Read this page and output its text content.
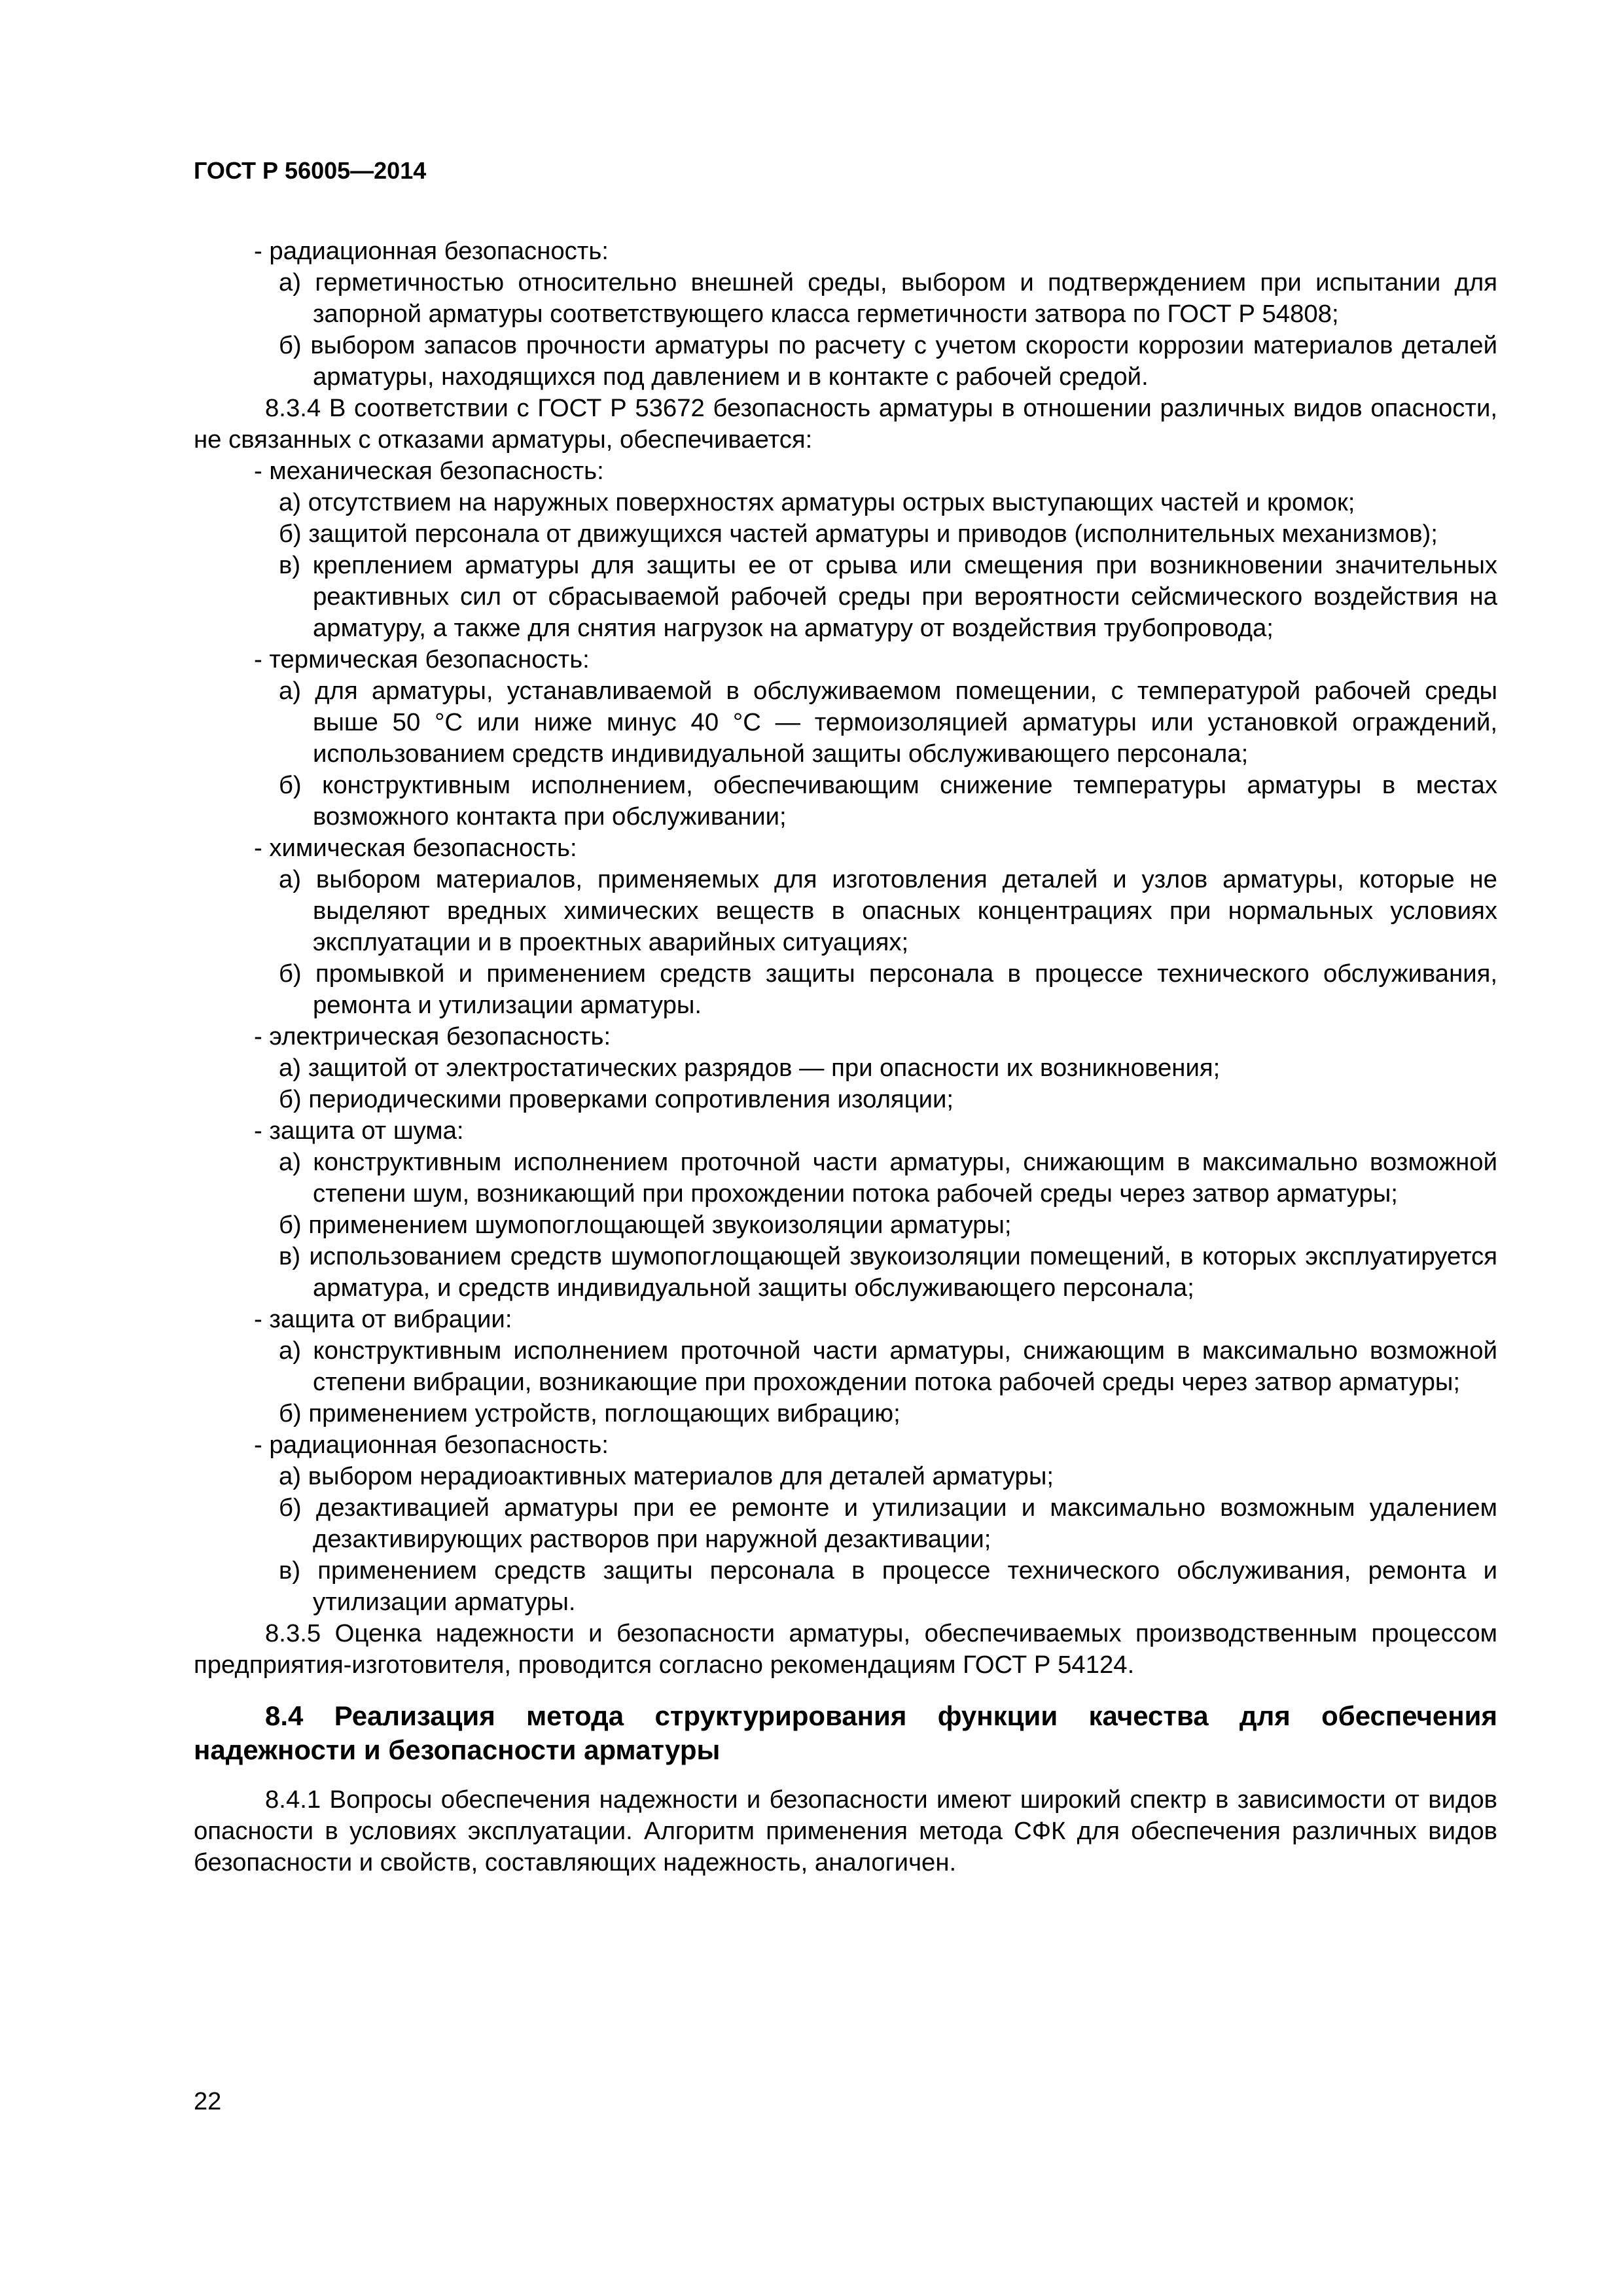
ГОСТ Р 56005—2014

- радиационная безопасность:

а) герметичностью относительно внешней среды, выбором и подтверждением при испытании для запорной арматуры соответствующего класса герметичности затвора по ГОСТ Р 54808;

б) выбором запасов прочности арматуры по расчету с учетом скорости коррозии материалов деталей арматуры, находящихся под давлением и в контакте с рабочей средой.

8.3.4 В соответствии с ГОСТ Р 53672 безопасность арматуры в отношении различных видов опасности, не связанных с отказами арматуры, обеспечивается:

- механическая безопасность:

а) отсутствием на наружных поверхностях арматуры острых выступающих частей и кромок;

б) защитой персонала от движущихся частей арматуры и приводов (исполнительных механизмов);

в) креплением арматуры для защиты ее от срыва или смещения при возникновении значительных реактивных сил от сбрасываемой рабочей среды при вероятности сейсмического воздействия на арматуру, а также для снятия нагрузок на арматуру от воздействия трубопровода;

- термическая безопасность:

а) для арматуры, устанавливаемой в обслуживаемом помещении, с температурой рабочей среды выше 50 °С или ниже минус 40 °С — термоизоляцией арматуры или установкой ограждений, использованием средств индивидуальной защиты обслуживающего персонала;

б) конструктивным исполнением, обеспечивающим снижение температуры арматуры в местах возможного контакта при обслуживании;

- химическая безопасность:

а) выбором материалов, применяемых для изготовления деталей и узлов арматуры, которые не выделяют вредных химических веществ в опасных концентрациях при нормальных условиях эксплуатации и в проектных аварийных ситуациях;

б) промывкой и применением средств защиты персонала в процессе технического обслуживания, ремонта и утилизации арматуры.

- электрическая безопасность:

а) защитой от электростатических разрядов — при опасности их возникновения;

б) периодическими проверками сопротивления изоляции;

- защита от шума:

а) конструктивным исполнением проточной части арматуры, снижающим в максимально возможной степени шум, возникающий при прохождении потока рабочей среды через затвор арматуры;

б) применением шумопоглощающей звукоизоляции арматуры;

в) использованием средств шумопоглощающей звукоизоляции помещений, в которых эксплуатируется арматура, и средств индивидуальной защиты обслуживающего персонала;

- защита от вибрации:

а) конструктивным исполнением проточной части арматуры, снижающим в максимально возможной степени вибрации, возникающие при прохождении потока рабочей среды через затвор арматуры;

б) применением устройств, поглощающих вибрацию;

- радиационная безопасность:

а) выбором нерадиоактивных материалов для деталей арматуры;

б) дезактивацией арматуры при ее ремонте и утилизации и максимально возможным удалением дезактивирующих растворов при наружной дезактивации;

в) применением средств защиты персонала в процессе технического обслуживания, ремонта и утилизации арматуры.

8.3.5 Оценка надежности и безопасности арматуры, обеспечиваемых производственным процессом предприятия-изготовителя, проводится согласно рекомендациям ГОСТ Р 54124.

8.4 Реализация метода структурирования функции качества для обеспечения надежности и безопасности арматуры

8.4.1 Вопросы обеспечения надежности и безопасности имеют широкий спектр в зависимости от видов опасности в условиях эксплуатации. Алгоритм применения метода СФК для обеспечения различных видов безопасности и свойств, составляющих надежность, аналогичен.

22
